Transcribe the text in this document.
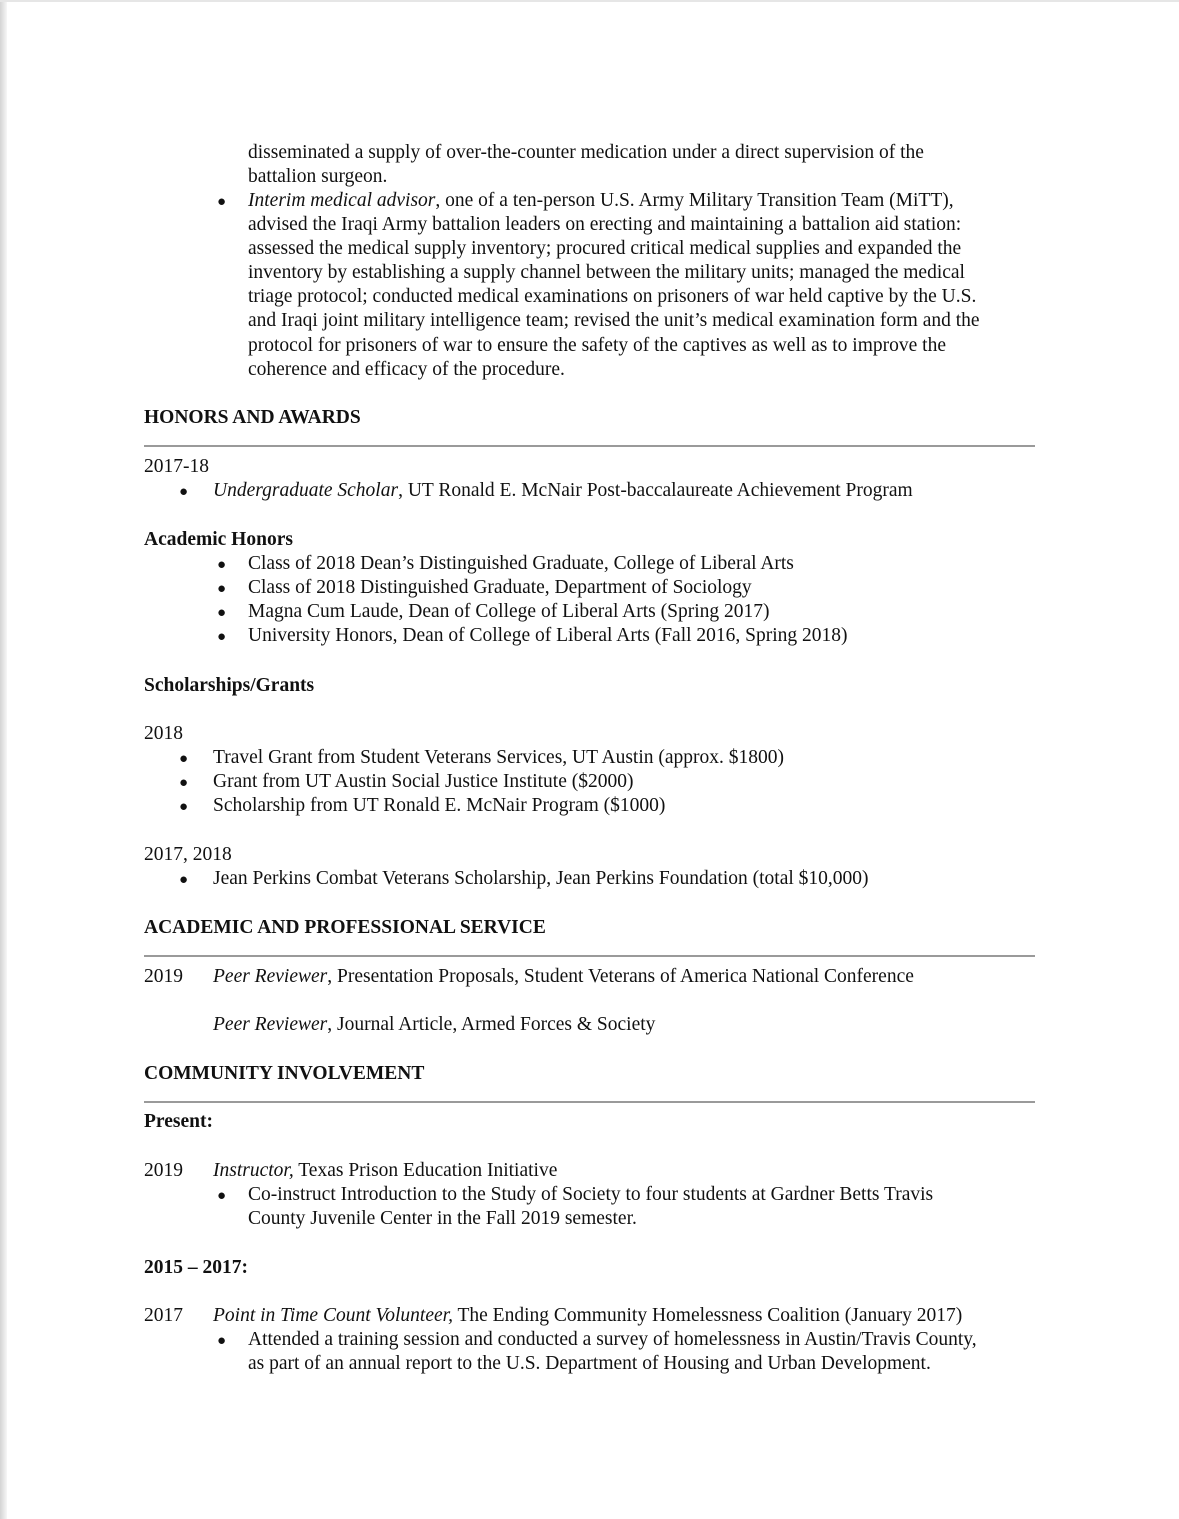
disseminated a supply of over-the-counter medication under a direct supervision of the
battalion surgeon.
● Interim medical advisor, one of a ten-person U.S. Army Military Transition Team (MiTT),
advised the Iraqi Army battalion leaders on erecting and maintaining a battalion aid station:
assessed the medical supply inventory; procured critical medical supplies and expanded the
inventory by establishing a supply channel between the military units; managed the medical
triage protocol; conducted medical examinations on prisoners of war held captive by the U.S.
and Iraqi joint military intelligence team; revised the unit’s medical examination form and the
protocol for prisoners of war to ensure the safety of the captives as well as to improve the
coherence and efficacy of the procedure.
HONORS AND AWARDS
2017-18
● Undergraduate Scholar, UT Ronald E. McNair Post-baccalaureate Achievement Program
Academic Honors
● Class of 2018 Dean’s Distinguished Graduate, College of Liberal Arts
● Class of 2018 Distinguished Graduate, Department of Sociology
● Magna Cum Laude, Dean of College of Liberal Arts (Spring 2017)
● University Honors, Dean of College of Liberal Arts (Fall 2016, Spring 2018)
Scholarships/Grants
2018
● Travel Grant from Student Veterans Services, UT Austin (approx. $1800)
● Grant from UT Austin Social Justice Institute ($2000)
● Scholarship from UT Ronald E. McNair Program ($1000)
2017, 2018
● Jean Perkins Combat Veterans Scholarship, Jean Perkins Foundation (total $10,000)
ACADEMIC AND PROFESSIONAL SERVICE
2019 Peer Reviewer, Presentation Proposals, Student Veterans of America National Conference
Peer Reviewer, Journal Article, Armed Forces & Society
COMMUNITY INVOLVEMENT
Present:
2019 Instructor, Texas Prison Education Initiative
● Co-instruct Introduction to the Study of Society to four students at Gardner Betts Travis
County Juvenile Center in the Fall 2019 semester.
2015 – 2017:
2017 Point in Time Count Volunteer, The Ending Community Homelessness Coalition (January 2017)
● Attended a training session and conducted a survey of homelessness in Austin/Travis County,
as part of an annual report to the U.S. Department of Housing and Urban Development.
